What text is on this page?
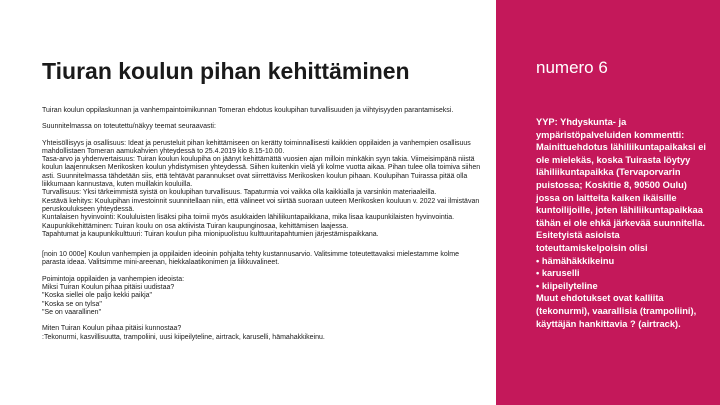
Tiuran koulun pihan kehittäminen

Tuiran koulun oppilaskunnan ja vanhempaintoimikunnan Tomeran ehdotus koulupihan turvallisuuden ja viihtyisyyden parantamiseksi.

Suunnitelmassa on toteutettu/näkyy teemat seuraavasti:

Yhteisöllisyys ja osallisuus: Ideat ja perusteluit pihan kehittämiseen on kerätty toiminnallisesti kaikkien oppilaiden ja vanhempien osallisuus mahdollistaen Tomeran aamukahvien yhteydessä to 25.4.2019 klo 8.15-10.00.

Tasa-arvo ja yhdenvertaisuus: Tuiran koulun koulupiha on jäänyt kehittämättä vuosien ajan milloin minkäkin syyn takia. Viimeisimpänä niistä koulun laajennuksen Merikosken koulun yhdistymisen yhteydessä. Siihen kuitenkin vielä yli kolme vuotta aikaa. Pihan tulee olla toimiva siihen asti. Suunnitelmassa tähdetään siis, että tehtävät parannukset ovat siirrettäviss Merikosken koulun pihaan. Koulupihan Tuirassa pitää olla liikkumaan kannustava, kuten muillakin kouluilla.

Turvallisuus: Yksi tärkeimmistä syistä on koulupihan turvallisuus. Tapaturmia voi vaikka olla kaikkialla ja varsinkin materiaaleilla.

Kestävä kehitys: Koulupihan investoinnit suunnitellaan niin, että välineet voi siirtää suoraan uuteen Merikosken kouluun v. 2022 vai ilmistävan peruskoulukseen yhteydessä.

Kuntalaisen hyvinvointi: Koululuisten lisäksi piha toimii myös asukkaiden lähiliikuntapaikkana, mika lisaa kaupunkilaisten hyvinvointia.

Kaupunkikehittäminen: Tuiran koulu on osa aktiivista Tuiran kaupunginosaa, kehittämisen laajessa.

Tapahtumat ja kaupunkikulttuuri: Tuiran koulun piha mionipuolistuu kulttuuritapahtumien järjestämispaikkana.

[noin 10 000e] Koulun vanhempien ja oppilaiden ideoinin pohjalta tehty kustannusarvio. Valitsimme toteutettavaksi mielestamme kolme parasta ideaa. Valitsimme mini-areenan, hiekkalaatikonimen ja liikkuvalineet.

Poimintoja oppilaiden ja vanhempien ideoista:

Miksi Tuiran Koulun pihaa pitäisi uudistaa?

"Koska siellei ole paljo kekki paikja"

"Koska se on tylsa"

"Se on vaarallinen"

Miten Tuiran Koulun pihaa pitäisi kunnostaa?

:Tekonurmi, kasvillisuutta, trampoliini, uusi kiipeilyteline, airtrack, karuselli, hämahakkikeinu.

numero 6

YYP: Yhdyskunta- ja ympäristöpalveluiden kommentti: Mainittuehdotus lähiliikuntapaikaksi ei ole mielekäs, koska Tuirasta löytyy lähiliikuntapaikka (Tervaporvarin puistossa; Koskitie 8, 90500 Oulu) jossa on laitteita kaiken ikäisille kuntoilijoille, joten lähiliikuntapaikkaa tähän ei ole ehkä järkevää suunnitella.

Esitetyistä asioista toteuttamiskelpoisin olisi

• hämähäkkikeinu

• karuselli

• kiipeilyteline

Muut ehdotukset ovat kalliita (tekonurmi), vaarallisia (trampoliini), käyttäjän hankittavia ? (airtrack).
